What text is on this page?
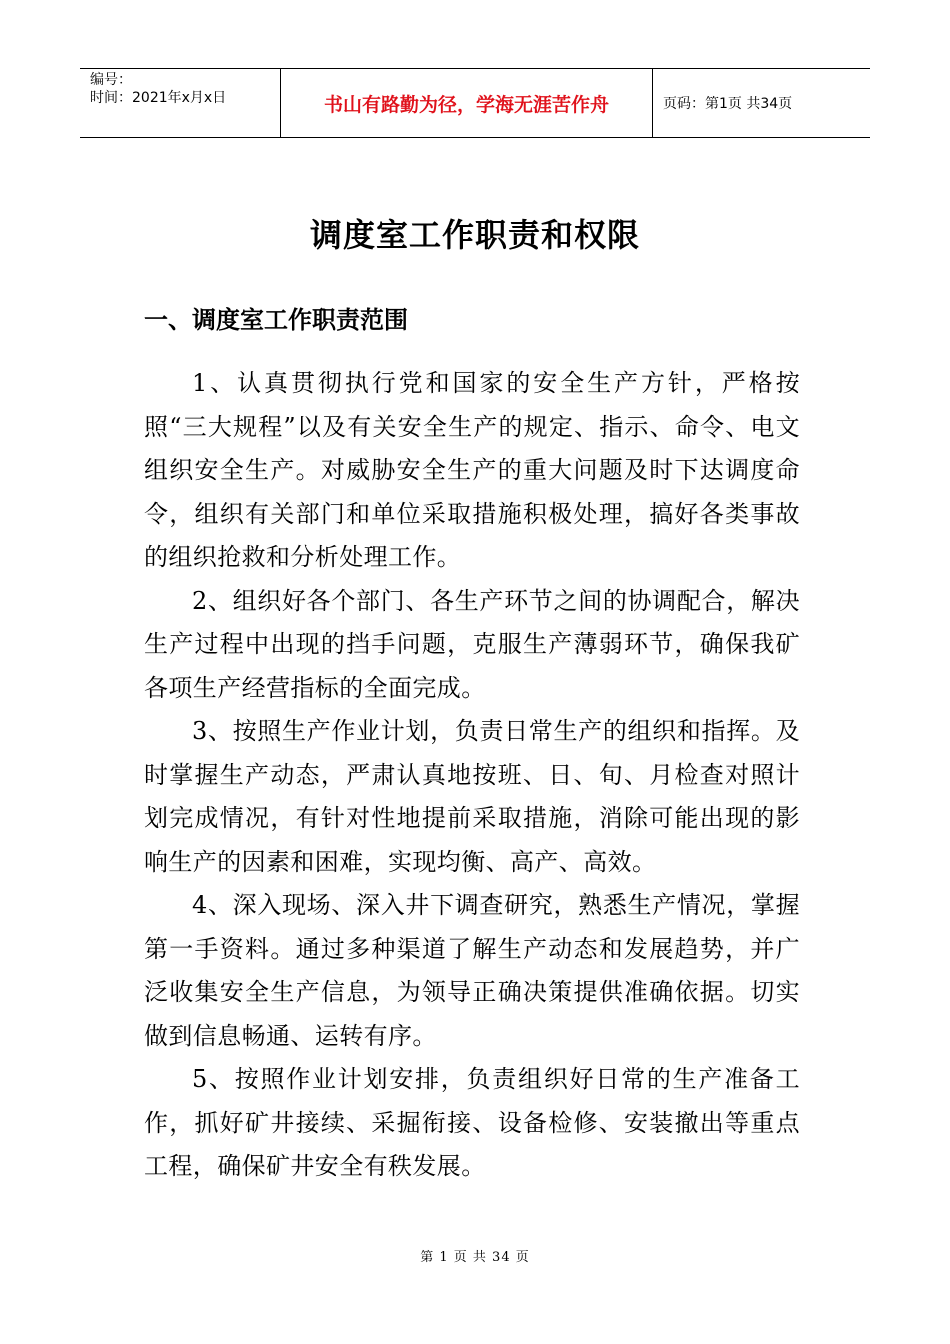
编号：
时间：2021年x月x日	书山有路勤为径，学海无涯苦作舟	页码：第1页 共34页
调度室工作职责和权限
一、调度室工作职责范围

1、认真贯彻执行党和国家的安全生产方针，严格按照“三大规程”以及有关安全生产的规定、指示、命令、电文组织安全生产。对威胁安全生产的重大问题及时下达调度命令，组织有关部门和单位采取措施积极处理，搞好各类事故的组织抢救和分析处理工作。

2、组织好各个部门、各生产环节之间的协调配合，解决生产过程中出现的挡手问题，克服生产薄弱环节，确保我矿各项生产经营指标的全面完成。

3、按照生产作业计划，负责日常生产的组织和指挥。及时掌握生产动态，严肃认真地按班、日、旬、月检查对照计划完成情况，有针对性地提前采取措施，消除可能出现的影响生产的因素和困难，实现均衡、高产、高效。

4、深入现场、深入井下调查研究，熟悉生产情况，掌握第一手资料。通过多种渠道了解生产动态和发展趋势，并广泛收集安全生产信息，为领导正确决策提供准确依据。切实做到信息畅通、运转有序。

5、按照作业计划安排，负责组织好日常的生产准备工作，抓好矿井接续、采掘衔接、设备检修、安装撤出等重点工程，确保矿井安全有秩发展。

第 1 页 共 34 页
